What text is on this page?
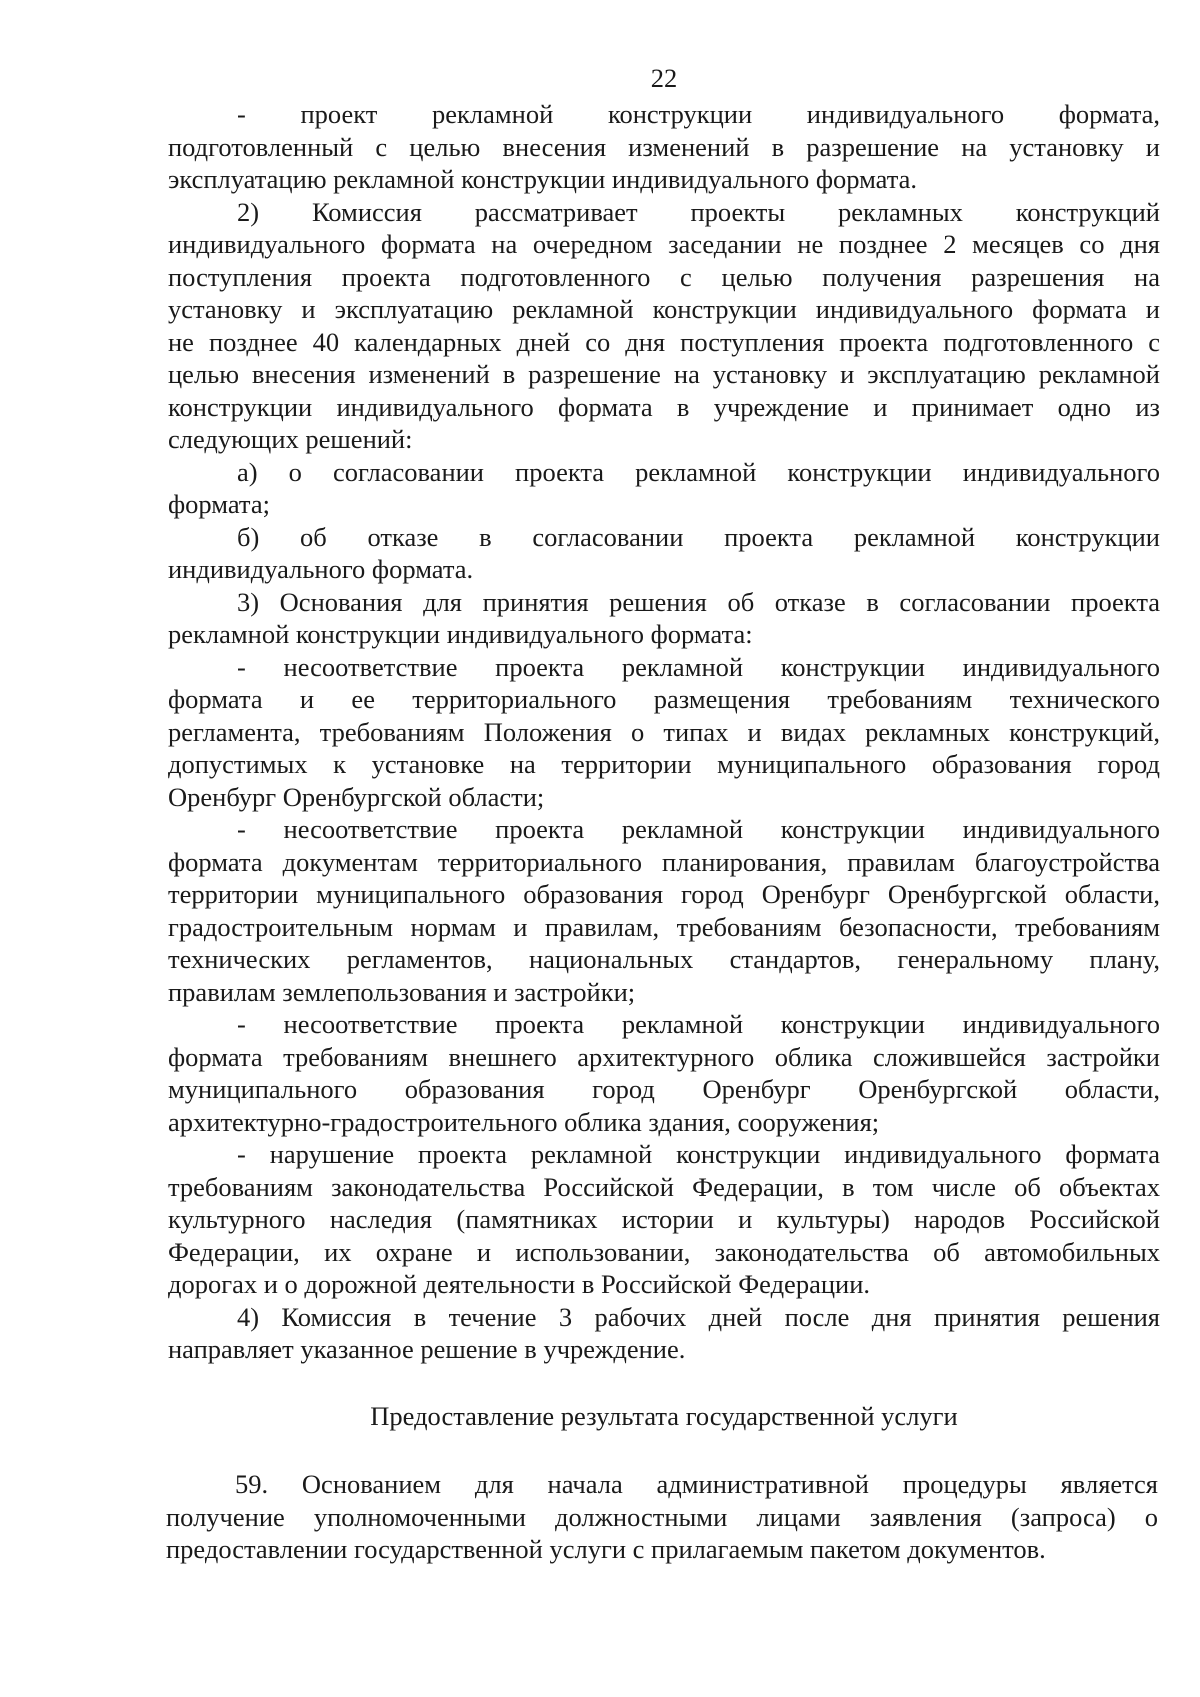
22
- проект рекламной конструкции индивидуального формата,
подготовленный с целью внесения изменений в разрешение на установку и
эксплуатацию рекламной конструкции индивидуального формата.
2) Комиссия рассматривает проекты рекламных конструкций
индивидуального формата на очередном заседании не позднее 2 месяцев со дня
поступления проекта подготовленного с целью получения разрешения на
установку и эксплуатацию рекламной конструкции индивидуального формата и
не позднее 40 календарных дней со дня поступления проекта подготовленного с
целью внесения изменений в разрешение на установку и эксплуатацию рекламной
конструкции индивидуального формата в учреждение и принимает одно из
следующих решений:
а) о согласовании проекта рекламной конструкции индивидуального
формата;
б) об отказе в согласовании проекта рекламной конструкции
индивидуального формата.
3) Основания для принятия решения об отказе в согласовании проекта
рекламной конструкции индивидуального формата:
- несоответствие проекта рекламной конструкции индивидуального
формата и ее территориального размещения требованиям технического
регламента, требованиям Положения о типах и видах рекламных конструкций,
допустимых к установке на территории муниципального образования город
Оренбург Оренбургской области;
- несоответствие проекта рекламной конструкции индивидуального
формата документам территориального планирования, правилам благоустройства
территории муниципального образования город Оренбург Оренбургской области,
градостроительным нормам и правилам, требованиям безопасности, требованиям
технических регламентов, национальных стандартов, генеральному плану,
правилам землепользования и застройки;
- несоответствие проекта рекламной конструкции индивидуального
формата требованиям внешнего архитектурного облика сложившейся застройки
муниципального образования город Оренбург Оренбургской области,
архитектурно-градостроительного облика здания, сооружения;
- нарушение проекта рекламной конструкции индивидуального формата
требованиям законодательства Российской Федерации, в том числе об объектах
культурного наследия (памятниках истории и культуры) народов Российской
Федерации, их охране и использовании, законодательства об автомобильных
дорогах и о дорожной деятельности в Российской Федерации.
4) Комиссия в течение 3 рабочих дней после дня принятия решения
направляет указанное решение в учреждение.
Предоставление результата государственной услуги
59. Основанием для начала административной процедуры является
получение уполномоченными должностными лицами заявления (запроса) о
предоставлении государственной услуги с прилагаемым пакетом документов.
